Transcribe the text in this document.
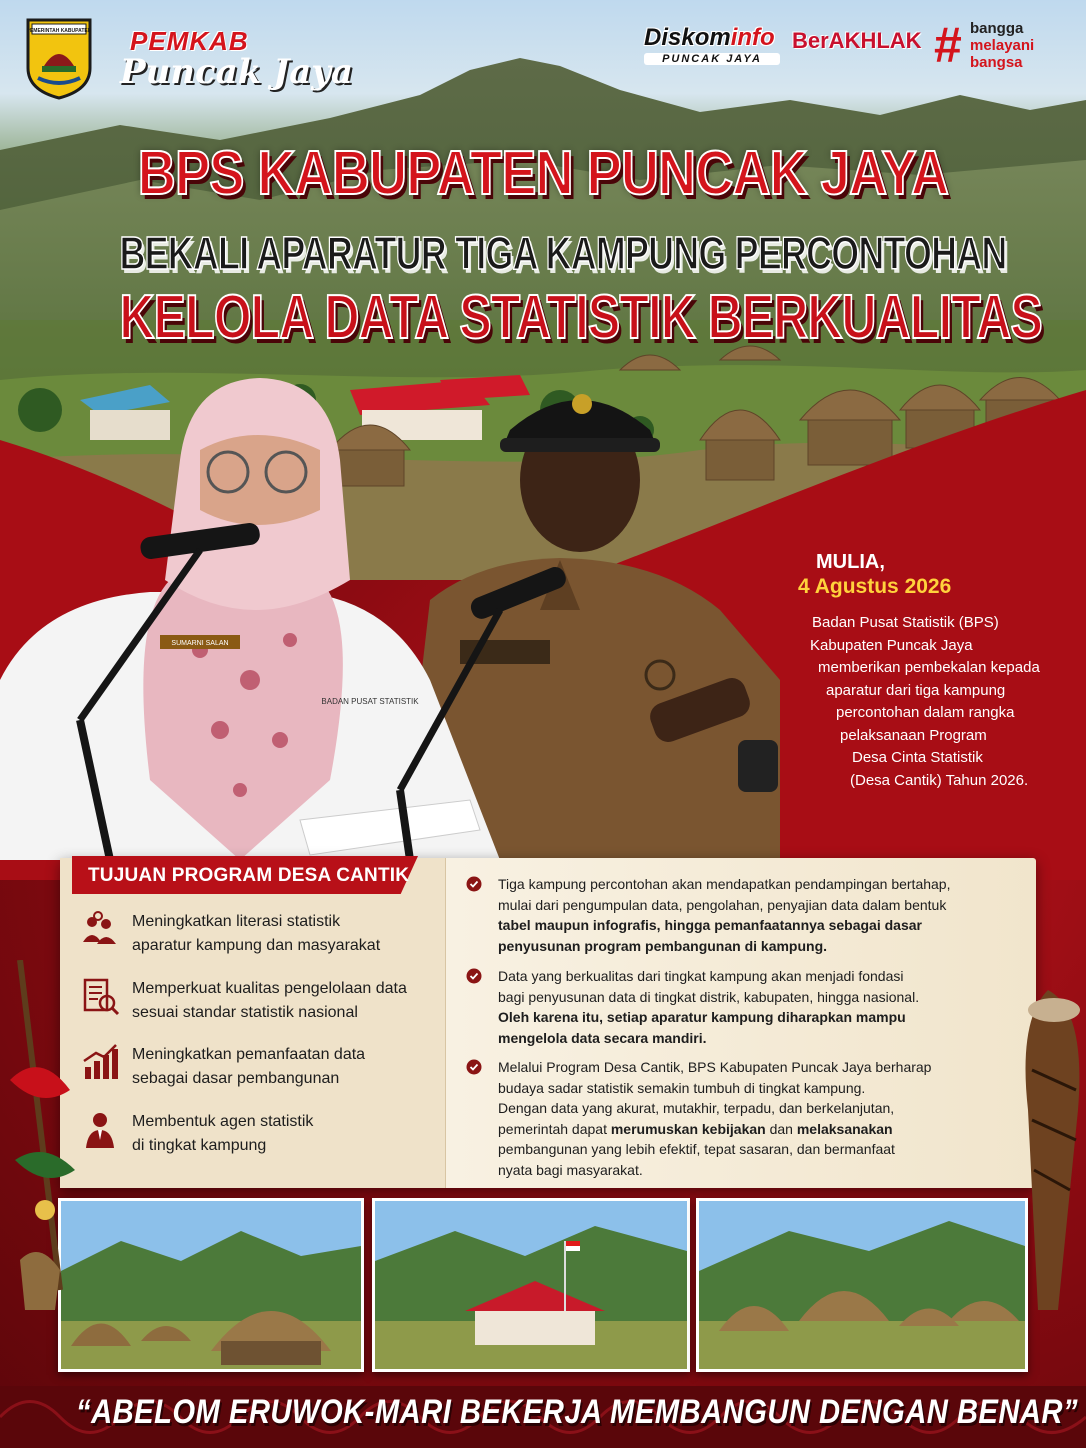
PEMERINTAH KABUPATEN PEMKAB
Puncak Jaya
Diskominfo
PUNCAK JAYA
BerAKHLAK # bangga
melayani
bangsa
BPS KABUPATEN PUNCAK JAYA
BEKALI APARATUR TIGA KAMPUNG PERCONTOHAN
KELOLA DATA STATISTIK BERKUALITAS
SUMARNI SALAN
BADAN PUSAT STATISTIK
MULIA,
4 Agustus 2026
Badan Pusat Statistik (BPS)
Kabupaten Puncak Jaya
memberikan pembekalan kepada
aparatur dari tiga kampung
percontohan dalam rangka
pelaksanaan Program
Desa Cinta Statistik
(Desa Cantik) Tahun 2026.
TUJUAN PROGRAM DESA CANTIK
Meningkatkan literasi statistik
aparatur kampung dan masyarakat
Memperkuat kualitas pengelolaan data
sesuai standar statistik nasional
Meningkatkan pemanfaatan data
sebagai dasar pembangunan
Membentuk agen statistik
di tingkat kampung
Tiga kampung percontohan akan mendapatkan pendampingan bertahap,
mulai dari pengumpulan data, pengolahan, penyajian data dalam bentuk
tabel maupun infografis, hingga pemanfaatannya sebagai dasar
penyusunan program pembangunan di kampung.
Data yang berkualitas dari tingkat kampung akan menjadi fondasi
bagi penyusunan data di tingkat distrik, kabupaten, hingga nasional.
Oleh karena itu, setiap aparatur kampung diharapkan mampu
mengelola data secara mandiri.
Melalui Program Desa Cantik, BPS Kabupaten Puncak Jaya berharap
budaya sadar statistik semakin tumbuh di tingkat kampung.
Dengan data yang akurat, mutakhir, terpadu, dan berkelanjutan,
pemerintah dapat merumuskan kebijakan dan melaksanakan
pembangunan yang lebih efektif, tepat sasaran, dan bermanfaat
nyata bagi masyarakat.
“ABELOM ERUWOK-MARI BEKERJA MEMBANGUN DENGAN BENAR”
